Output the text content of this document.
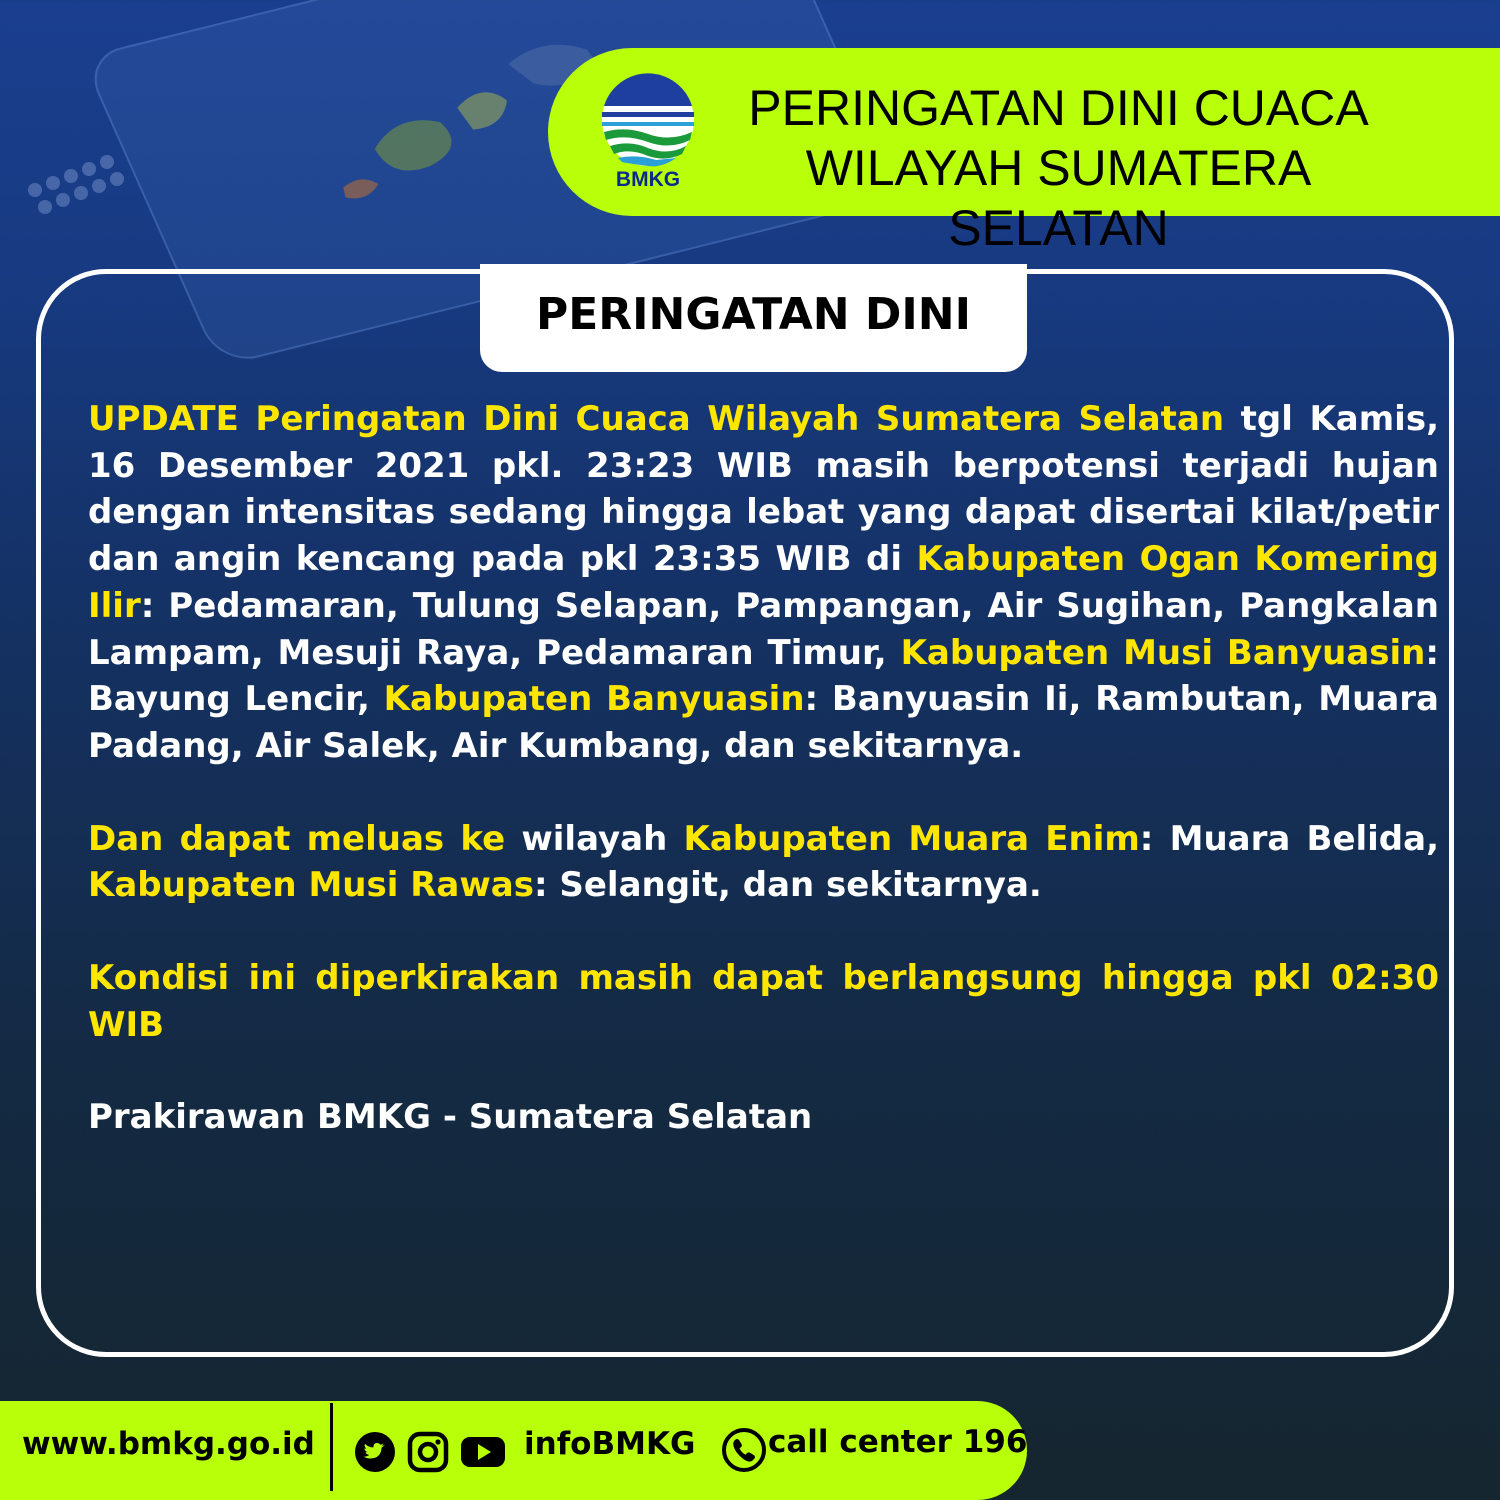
BMKG
PERINGATAN DINI CUACA
WILAYAH SUMATERA SELATAN
PERINGATAN DINI

UPDATE Peringatan Dini Cuaca Wilayah Sumatera Selatan tgl Kamis, 16 Desember 2021 pkl. 23:23 WIB masih berpotensi terjadi hujan dengan intensitas sedang hingga lebat yang dapat disertai kilat/petir dan angin kencang pada pkl 23:35 WIB di Kabupaten Ogan Komering Ilir: Pedamaran, Tulung Selapan, Pampangan, Air Sugihan, Pangkalan Lampam, Mesuji Raya, Pedamaran Timur, Kabupaten Musi Banyuasin: Bayung Lencir, Kabupaten Banyuasin: Banyuasin Ii, Rambutan, Muara Padang, Air Salek, Air Kumbang, dan sekitarnya.

Dan dapat meluas ke wilayah Kabupaten Muara Enim: Muara Belida, Kabupaten Musi Rawas: Selangit, dan sekitarnya.

Kondisi ini diperkirakan masih dapat berlangsung hingga pkl 02:30 WIB

Prakirawan BMKG - Sumatera Selatan

www.bmkg.go.id	infoBMKG call center 196
